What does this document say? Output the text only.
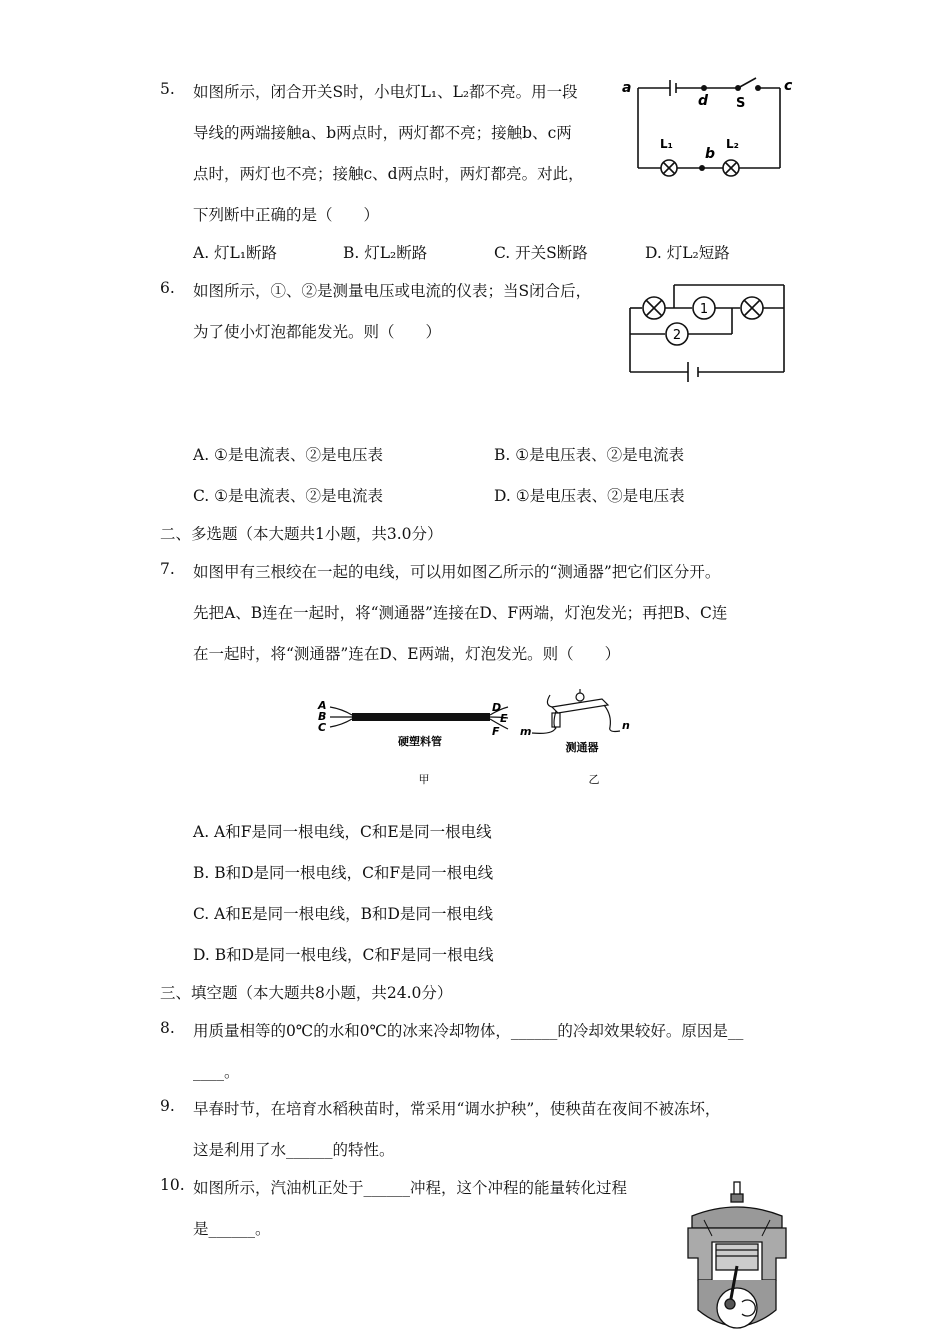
5. 如图所示，闭合开关S时，小电灯L₁、L₂都不亮。用一段
导线的两端接触a、b两点时，两灯都不亮；接触b、c两
点时，两灯也不亮；接触c、d两点时，两灯都亮。对此，
下列断中正确的是（　　）
A. 灯L₁断路	B. 灯L₂断路	C. 开关S断路	D. 灯L₂短路
a
d S
c
b
L₁	L₂
6. 如图所示，①、②是测量电压或电流的仪表；当S闭合后，
为了使小灯泡都能发光。则（　　）
1
2
A. ①是电流表、②是电压表	B. ①是电压表、②是电流表
C. ①是电流表、②是电流表	D. ①是电压表、②是电压表
二、多选题（本大题共1小题，共3.0分）
7. 如图甲有三根绞在一起的电线，可以用如图乙所示的“测通器”把它们区分开。
先把A、B连在一起时，将“测通器”连接在D、F两端，灯泡发光；再把B、C连
在一起时，将“测通器”连在D、E两端，灯泡发光。则（　　）
A
B
C
D
E
F
硬塑料管
甲
m	n
测通器
乙
A. A和F是同一根电线，C和E是同一根电线
B. B和D是同一根电线，C和F是同一根电线
C. A和E是同一根电线，B和D是同一根电线
D. B和D是同一根电线，C和F是同一根电线
三、填空题（本大题共8小题，共24.0分）
8. 用质量相等的0℃的水和0℃的冰来冷却物体，______的冷却效果较好。原因是__
____。
9. 早春时节，在培育水稻秧苗时，常采用“调水护秧”，使秧苗在夜间不被冻坏，
这是利用了水______的特性。
10. 如图所示，汽油机正处于______冲程，这个冲程的能量转化过程
是______。
